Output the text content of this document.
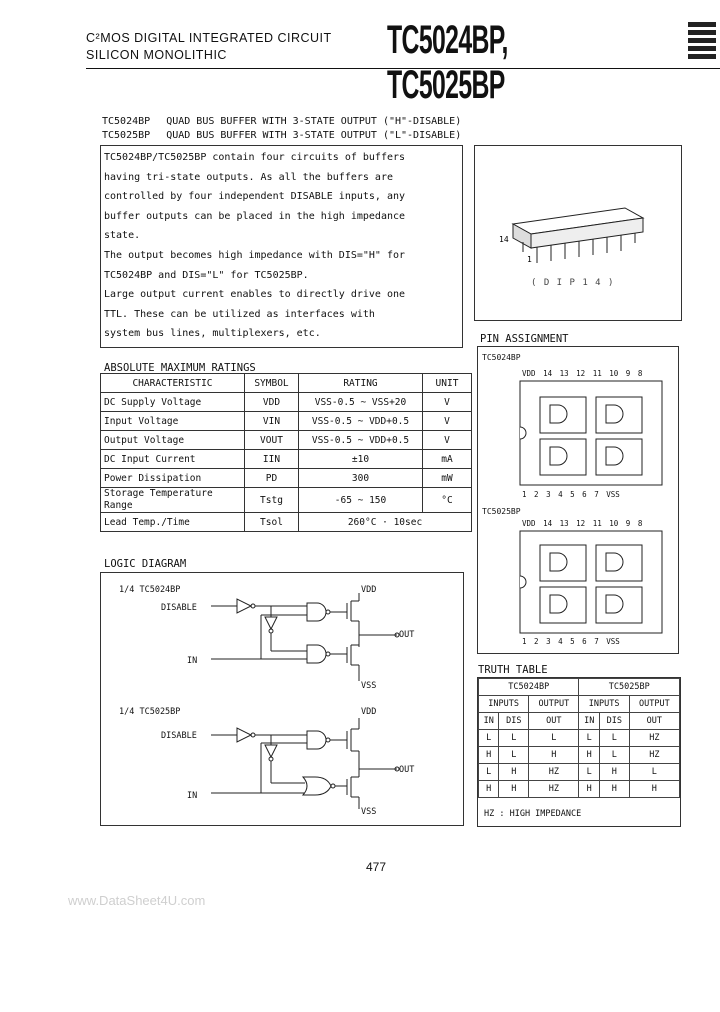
C²MOS DIGITAL INTEGRATED CIRCUIT
SILICON MONOLITHIC	TC5024BP, TC5025BP
TC5024BP QUAD BUS BUFFER WITH 3-STATE OUTPUT ("H"-DISABLE)
TC5025BP QUAD BUS BUFFER WITH 3-STATE OUTPUT ("L"-DISABLE)

TC5024BP/TC5025BP contain four circuits of buffers

having tri-state outputs. As all the buffers are

controlled by four independent DISABLE inputs, any

buffer outputs can be placed in the high impedance

state.

The output becomes high impedance with DIS="H" for

TC5024BP and DIS="L" for TC5025BP.

Large output current enables to directly drive one

TTL. These can be utilized as interfaces with

system bus lines, multiplexers, etc.

14
1
( D I P 1 4 )
ABSOLUTE MAXIMUM RATINGS
CHARACTERISTIC	SYMBOL	RATING	UNIT
DC Supply Voltage	VDD	VSS-0.5 ~ VSS+20	V
Input Voltage	VIN	VSS-0.5 ~ VDD+0.5	V
Output Voltage	VOUT	VSS-0.5 ~ VDD+0.5	V
DC Input Current	IIN	±10	mA
Power Dissipation	PD	300	mW
Storage Temperature Range	Tstg	-65 ~ 150	°C
Lead Temp./Time	Tsol	260°C · 10sec	
LOGIC DIAGRAM
1/4 TC5024BP
DISABLE
IN
VDD
OUT
VSS
1/4 TC5025BP
DISABLE
IN
VDD
OUT
VSS
PIN ASSIGNMENT
TC5024BP
TC5025BP
VDD 14 13 12 11 10 9 8
1 2 3 4 5 6 7 VSS
VDD 14 13 12 11 10 9 8
1 2 3 4 5 6 7 VSS
TRUTH TABLE
TC5024BP			TC5025BP		
INPUTS		OUTPUT	INPUTS		OUTPUT
IN	DIS	OUT	IN	DIS	OUT
L	L	L	L	L	HZ
H	L	H	H	L	HZ
L	H	HZ	L	H	L
H	H	HZ	H	H	H
HZ : HIGH IMPEDANCE
477
www.DataSheet4U.com
